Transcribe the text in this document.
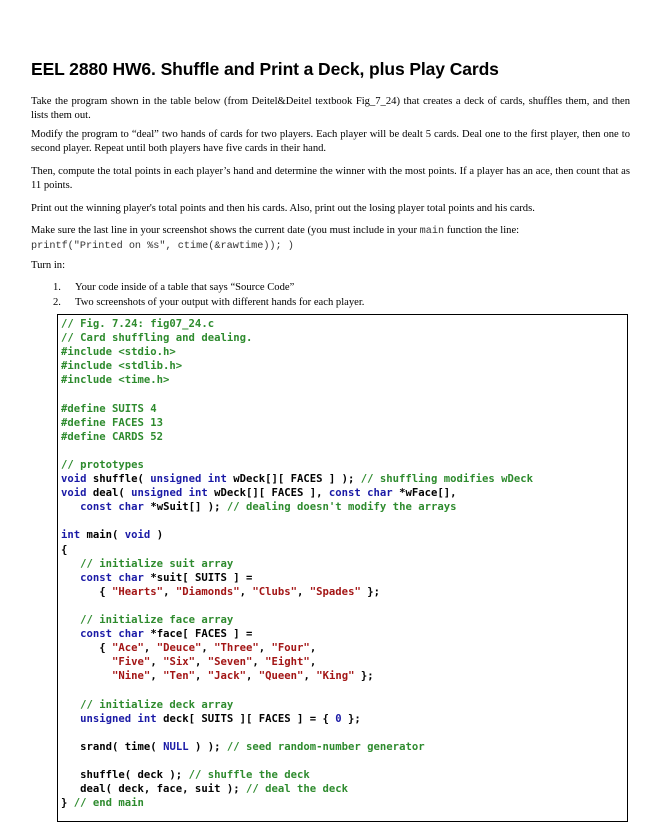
EEL 2880 HW6. Shuffle and Print a Deck, plus Play Cards

Take the program shown in the table below (from Deitel&Deitel textbook Fig_7_24) that creates a deck of cards, shuffles them, and then lists them out.

Modify the program to “deal” two hands of cards for two players. Each player will be dealt 5 cards. Deal one to the first player, then one to second player. Repeat until both players have five cards in their hand.

Then, compute the total points in each player’s hand and determine the winner with the most points. If a player has an ace, then count that as 11 points.

Print out the winning player's total points and then his cards. Also, print out the losing player total points and his cards.

Make sure the last line in your screenshot shows the current date (you must include in your main function the line:
printf("Printed on %s", ctime(&rawtime)); )

Turn in:

1. Your code inside of a table that says “Source Code”
2. Two screenshots of your output with different hands for each player.
// Fig. 7.24: fig07_24.c
// Card shuffling and dealing.
#include <stdio.h>
#include <stdlib.h>
#include <time.h>

#define SUITS 4
#define FACES 13
#define CARDS 52

// prototypes
void shuffle( unsigned int wDeck[][ FACES ] ); // shuffling modifies wDeck
void deal( unsigned int wDeck[][ FACES ], const char *wFace[],
const char *wSuit[] ); // dealing doesn't modify the arrays

int main( void )
{
// initialize suit array
const char *suit[ SUITS ] =
{ "Hearts", "Diamonds", "Clubs", "Spades" };

// initialize face array
const char *face[ FACES ] =
{ "Ace", "Deuce", "Three", "Four",
"Five", "Six", "Seven", "Eight",
"Nine", "Ten", "Jack", "Queen", "King" };

// initialize deck array
unsigned int deck[ SUITS ][ FACES ] = { 0 };

srand( time( NULL ) ); // seed random-number generator

shuffle( deck ); // shuffle the deck
deal( deck, face, suit ); // deal the deck
} // end main
